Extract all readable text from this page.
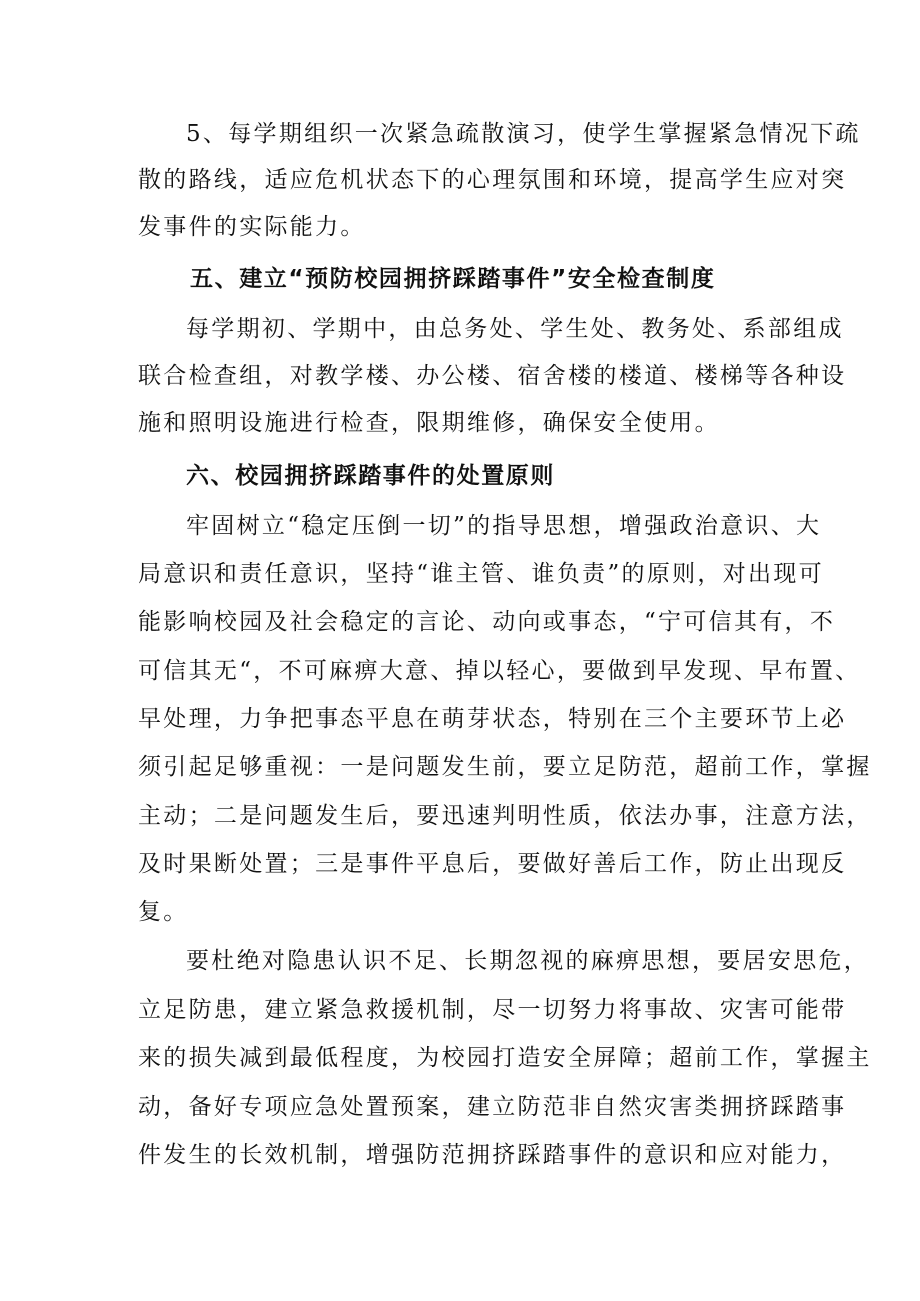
5、每学期组织一次紧急疏散演习，使学生掌握紧急情况下疏
散的路线，适应危机状态下的心理氛围和环境，提高学生应对突
发事件的实际能力。
五、建立“预防校园拥挤踩踏事件”安全检查制度
每学期初、学期中，由总务处、学生处、教务处、系部组成
联合检查组，对教学楼、办公楼、宿舍楼的楼道、楼梯等各种设
施和照明设施进行检查，限期维修，确保安全使用。
六、校园拥挤踩踏事件的处置原则
牢固树立“稳定压倒一切”的指导思想，增强政治意识、大
局意识和责任意识，坚持“谁主管、谁负责”的原则，对出现可
能影响校园及社会稳定的言论、动向或事态，“宁可信其有，不
可信其无“，不可麻痹大意、掉以轻心，要做到早发现、早布置、
早处理，力争把事态平息在萌芽状态，特别在三个主要环节上必
须引起足够重视：一是问题发生前，要立足防范，超前工作，掌握
主动；二是问题发生后，要迅速判明性质，依法办事，注意方法，
及时果断处置；三是事件平息后，要做好善后工作，防止出现反
复。
要杜绝对隐患认识不足、长期忽视的麻痹思想，要居安思危，
立足防患，建立紧急救援机制，尽一切努力将事故、灾害可能带
来的损失减到最低程度，为校园打造安全屏障；超前工作，掌握主
动，备好专项应急处置预案，建立防范非自然灾害类拥挤踩踏事
件发生的长效机制，增强防范拥挤踩踏事件的意识和应对能力，
